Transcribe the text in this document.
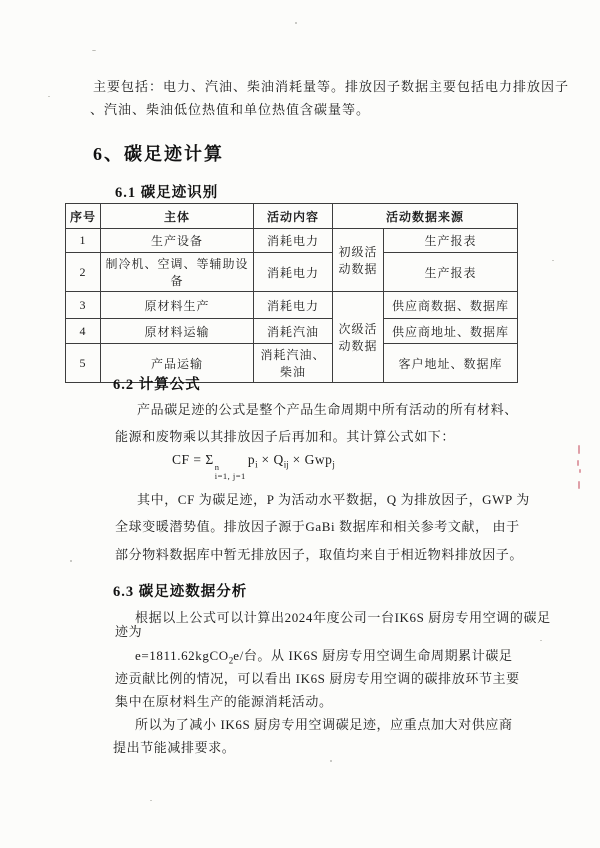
主要包括：电力、汽油、柴油消耗量等。排放因子数据主要包括电力排放因子
、汽油、柴油低位热值和单位热值含碳量等。
6、碳足迹计算
6.1 碳足迹识别
序号	主体	活动内容	活动数据来源	
1	生产设备	消耗电力	初级活动数据	生产报表
2	制冷机、空调、等辅助设备	消耗电力		生产报表
3	原材料生产	消耗电力	次级活动数据	供应商数据、数据库
4	原材料运输	消耗汽油		供应商地址、数据库
5	产品运输	消耗汽油、柴油		客户地址、数据库
6.2 计算公式
产品碳足迹的公式是整个产品生命周期中所有活动的所有材料、
能源和废物乘以其排放因子后再加和。其计算公式如下：
CF = Σ n
i=1, j=1
$p_i \times Q_{ij} \times Gwp_j$
其中，CF 为碳足迹，P 为活动水平数据，Q 为排放因子，GWP 为
全球变暖潜势值。排放因子源于GaBi 数据库和相关参考文献， 由于
部分物料数据库中暂无排放因子，取值均来自于相近物料排放因子。
6.3 碳足迹数据分析
根据以上公式可以计算出2024年度公司一台IK6S 厨房专用空调的碳足
迹为
e=1811.62kgCO$_2$e/台。从 IK6S 厨房专用空调生命周期累计碳足
迹贡献比例的情况，可以看出 IK6S 厨房专用空调的碳排放环节主要
集中在原材料生产的能源消耗活动。
所以为了减小 IK6S 厨房专用空调碳足迹，应重点加大对供应商
提出节能减排要求。
